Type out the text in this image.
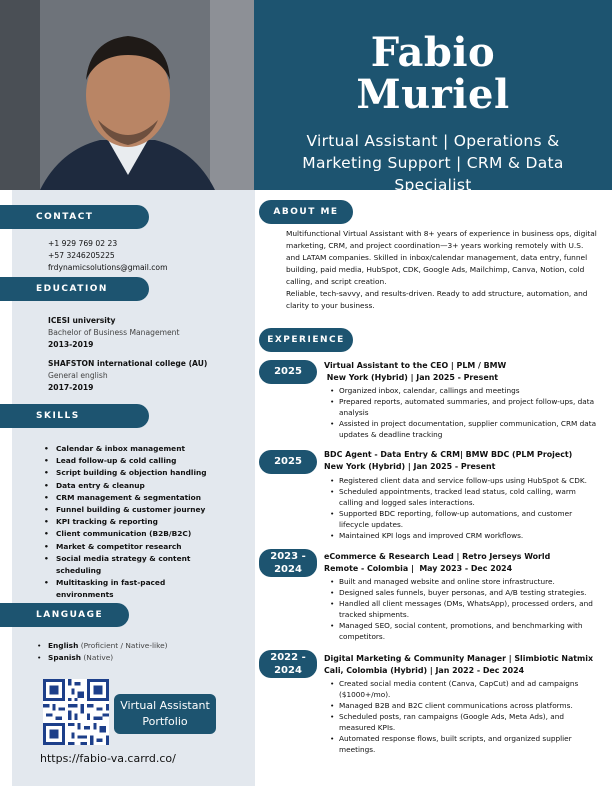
Fabio
Muriel
Virtual Assistant | Operations & Marketing Support | CRM & Data Specialist
CONTACT
+1 929 769 02 23
+57 3246205225
frdynamicsolutions@gmail.com
EDUCATION
ICESI university
Bachelor of Business Management
2013-2019
SHAFSTON international college (AU)
General english
2017-2019
SKILLS
• Calendar & inbox management
• Lead follow-up & cold calling
• Script building & objection handling
• Data entry & cleanup
• CRM management & segmentation
• Funnel building & customer journey
• KPI tracking & reporting
• Client communication (B2B/B2C)
• Market & competitor research
• Social media strategy & content scheduling
• Multitasking in fast-paced environments
LANGUAGE
• English (Proficient / Native-like)
• Spanish (Native)
Virtual Assistant Portfolio
https://fabio-va.carrd.co/
ABOUT ME
Multifunctional Virtual Assistant with 8+ years of experience in business ops, digital marketing, CRM, and project coordination—3+ years working remotely with U.S. and LATAM companies. Skilled in inbox/calendar management, data entry, funnel building, paid media, HubSpot, CDK, Google Ads, Mailchimp, Canva, Notion, cold calling, and script creation.
Reliable, tech-savvy, and results-driven. Ready to add structure, automation, and clarity to your business.
EXPERIENCE
2025
Virtual Assistant to the CEO | PLM / BMW
New York (Hybrid) | Jan 2025 - Present
• Organized inbox, calendar, callings and meetings
• Prepared reports, automated summaries, and project follow-ups, data analysis
• Assisted in project documentation, supplier communication, CRM data updates & deadline tracking
2025
BDC Agent - Data Entry & CRM| BMW BDC (PLM Project)
New York (Hybrid) | Jan 2025 - Present
• Registered client data and service follow-ups using HubSpot & CDK.
• Scheduled appointments, tracked lead status, cold calling, warm calling and logged sales interactions.
• Supported BDC reporting, follow-up automations, and customer lifecycle updates.
• Maintained KPI logs and improved CRM workflows.
2023 -
2024
eCommerce & Research Lead | Retro Jerseys World
Remote - Colombia |  May 2023 - Dec 2024
• Built and managed website and online store infrastructure.
• Designed sales funnels, buyer personas, and A/B testing strategies.
• Handled all client messages (DMs, WhatsApp), processed orders, and tracked shipments.
• Managed SEO, social content, promotions, and benchmarking with competitors.
2022 -
2024
Digital Marketing & Community Manager | Slimbiotic Natmix
Cali, Colombia (Hybrid) | Jan 2022 - Dec 2024
• Created social media content (Canva, CapCut) and ad campaigns ($1000+/mo).
• Managed B2B and B2C client communications across platforms.
• Scheduled posts, ran campaigns (Google Ads, Meta Ads), and measured KPIs.
• Automated response flows, built scripts, and organized supplier meetings.
